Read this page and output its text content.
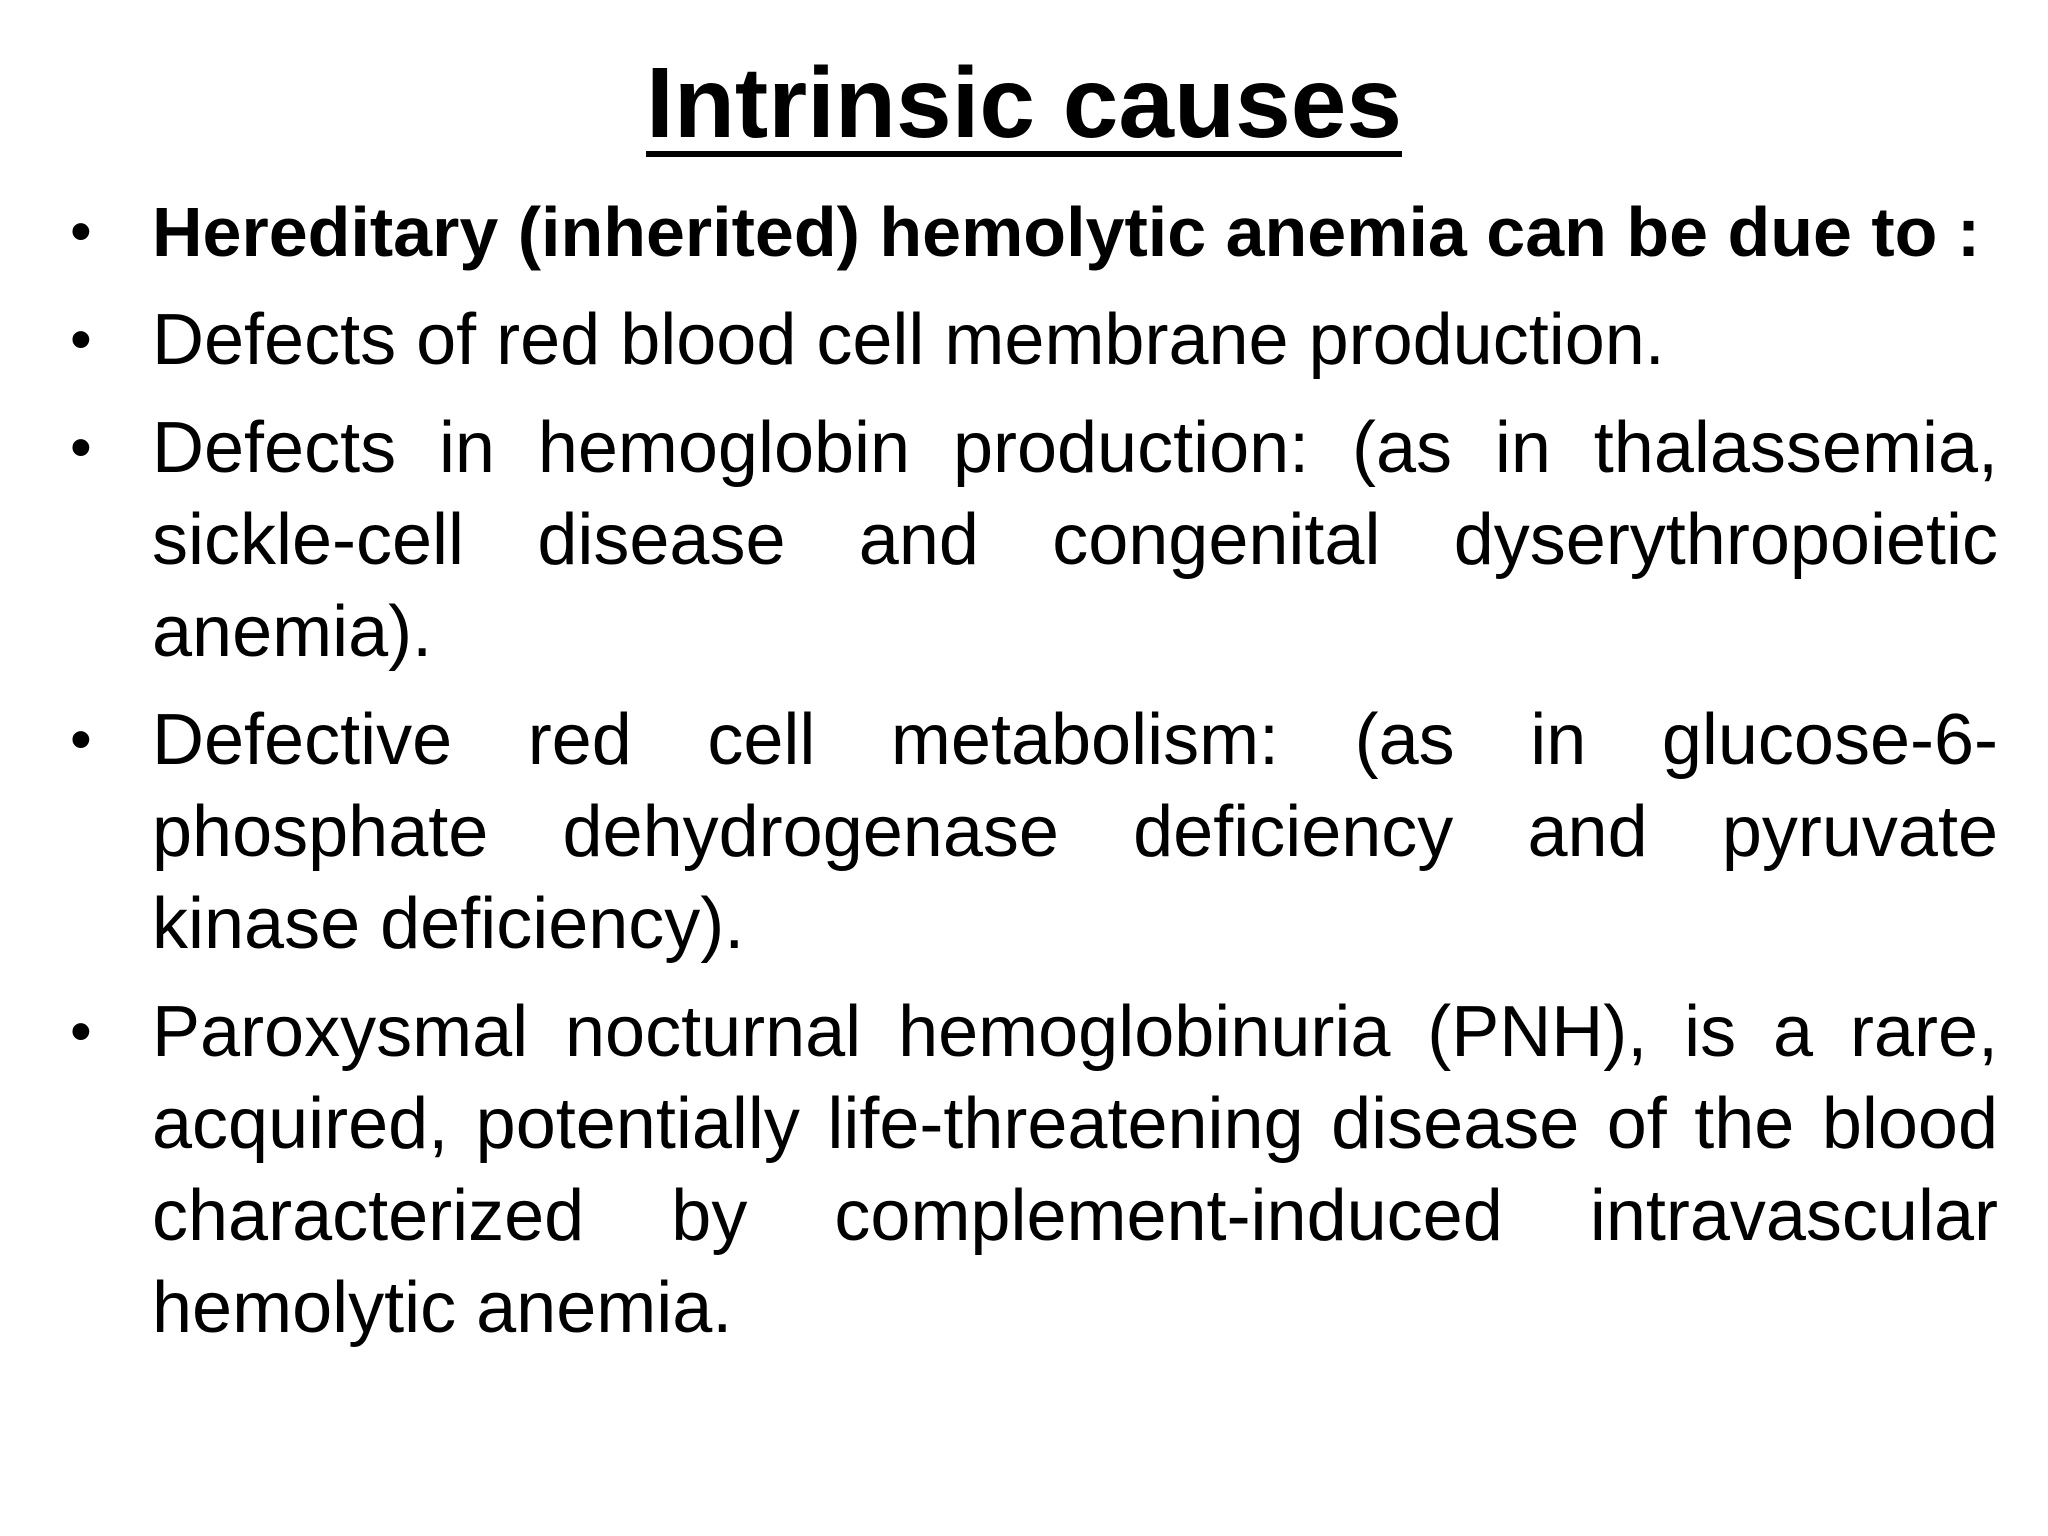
Intrinsic causes
• Hereditary (inherited) hemolytic anemia can be due to :
• Defects of red blood cell membrane production.
• Defects in hemoglobin production: (as in thalassemia, sickle-cell disease and congenital dyserythropoietic anemia).
• Defective red cell metabolism: (as in glucose-6-phosphate dehydrogenase deficiency and pyruvate kinase deficiency).
• Paroxysmal nocturnal hemoglobinuria (PNH), is a rare, acquired, potentially life-threatening disease of the blood characterized by complement-induced intravascular hemolytic anemia.
